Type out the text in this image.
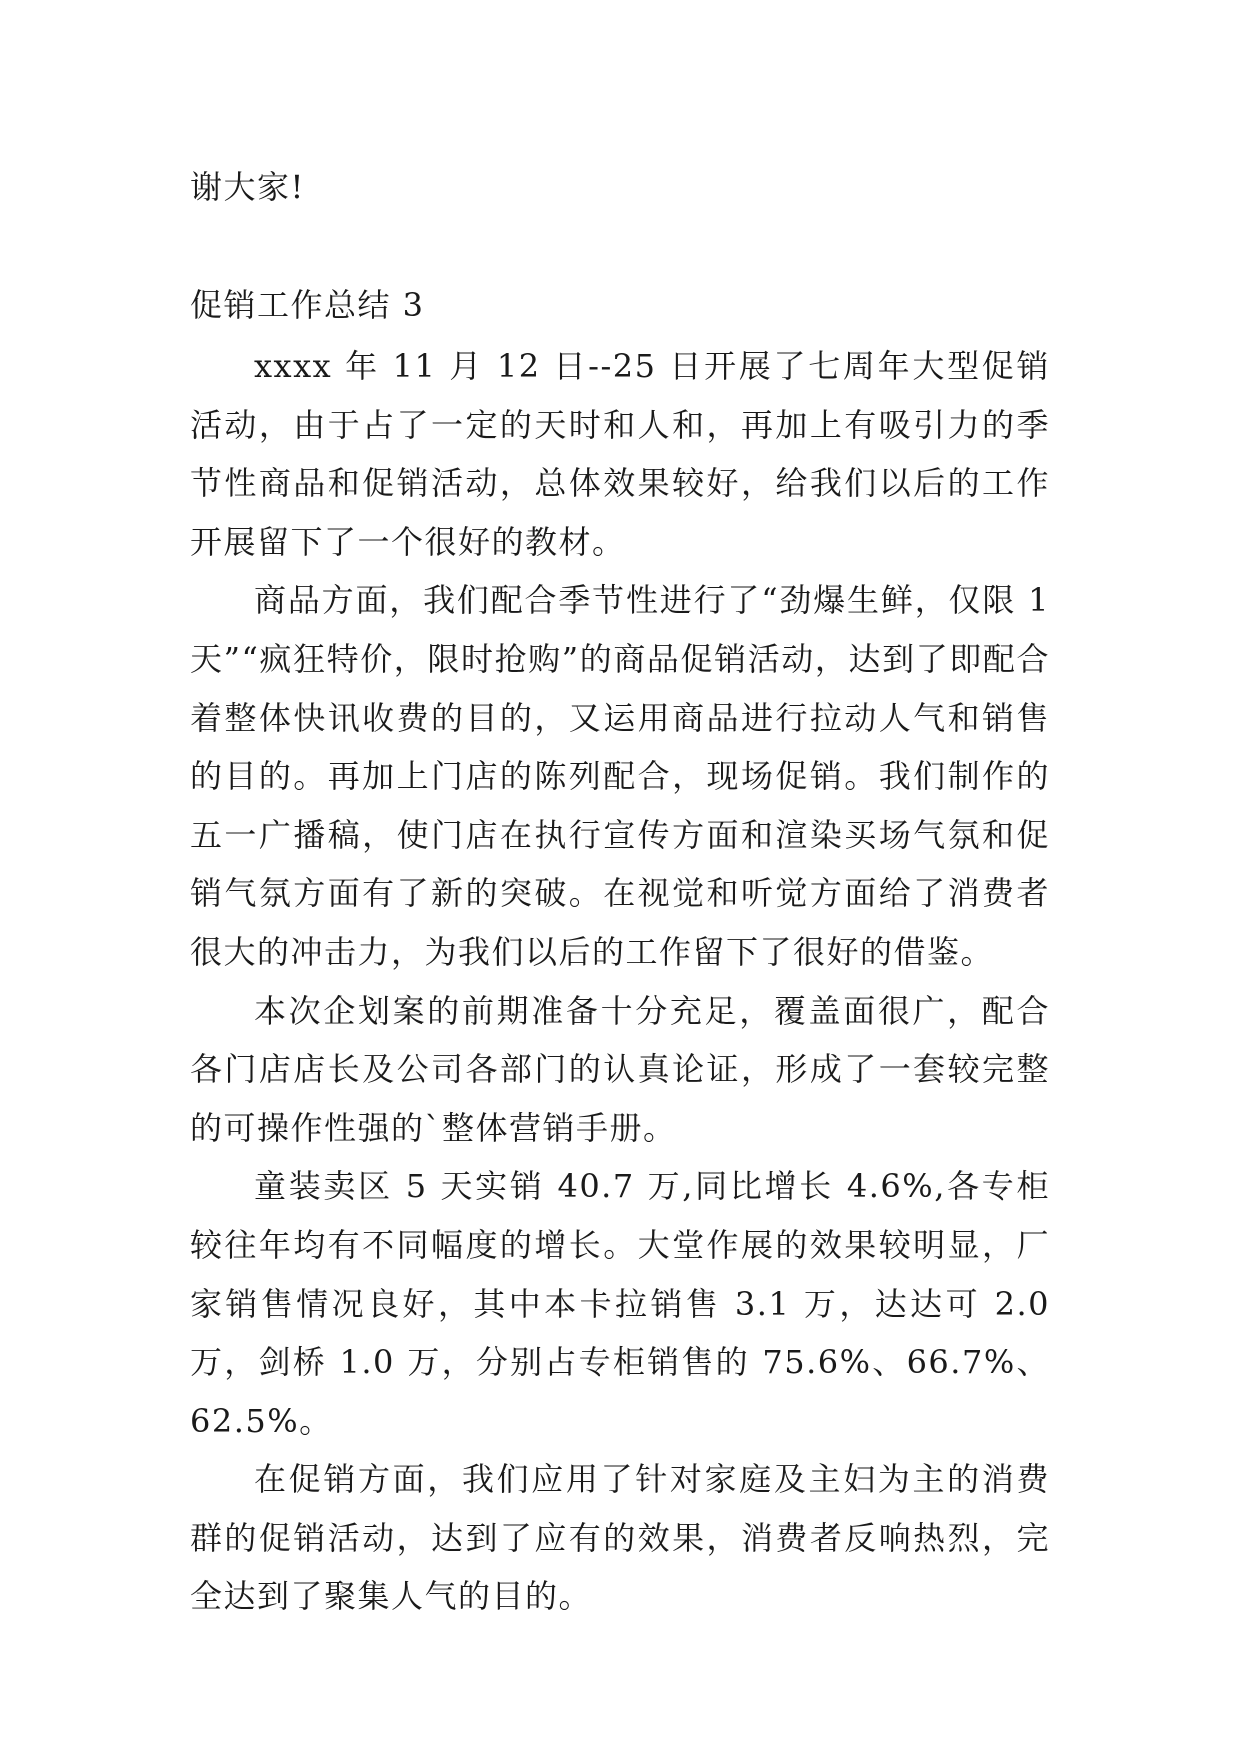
谢大家!
促销工作总结 3

xxxx 年 11 月 12 日--25 日开展了七周年大型促销活动，由于占了一定的天时和人和，再加上有吸引力的季节性商品和促销活动，总体效果较好，给我们以后的工作开展留下了一个很好的教材。

商品方面，我们配合季节性进行了“劲爆生鲜，仅限 1 天”“疯狂特价，限时抢购”的商品促销活动，达到了即配合着整体快讯收费的目的，又运用商品进行拉动人气和销售的目的。再加上门店的陈列配合，现场促销。我们制作的五一广播稿，使门店在执行宣传方面和渲染买场气氛和促销气氛方面有了新的突破。在视觉和听觉方面给了消费者很大的冲击力，为我们以后的工作留下了很好的借鉴。

本次企划案的前期准备十分充足，覆盖面很广，配合各门店店长及公司各部门的认真论证，形成了一套较完整的可操作性强的`整体营销手册。

童装卖区 5 天实销 40.7 万,同比增长 4.6%,各专柜较往年均有不同幅度的增长。大堂作展的效果较明显，厂家销售情况良好，其中本卡拉销售 3.1 万，达达可 2.0 万，剑桥 1.0 万，分别占专柜销售的 75.6%、66.7%、62.5%。

在促销方面，我们应用了针对家庭及主妇为主的消费群的促销活动，达到了应有的效果，消费者反响热烈，完全达到了聚集人气的目的。
